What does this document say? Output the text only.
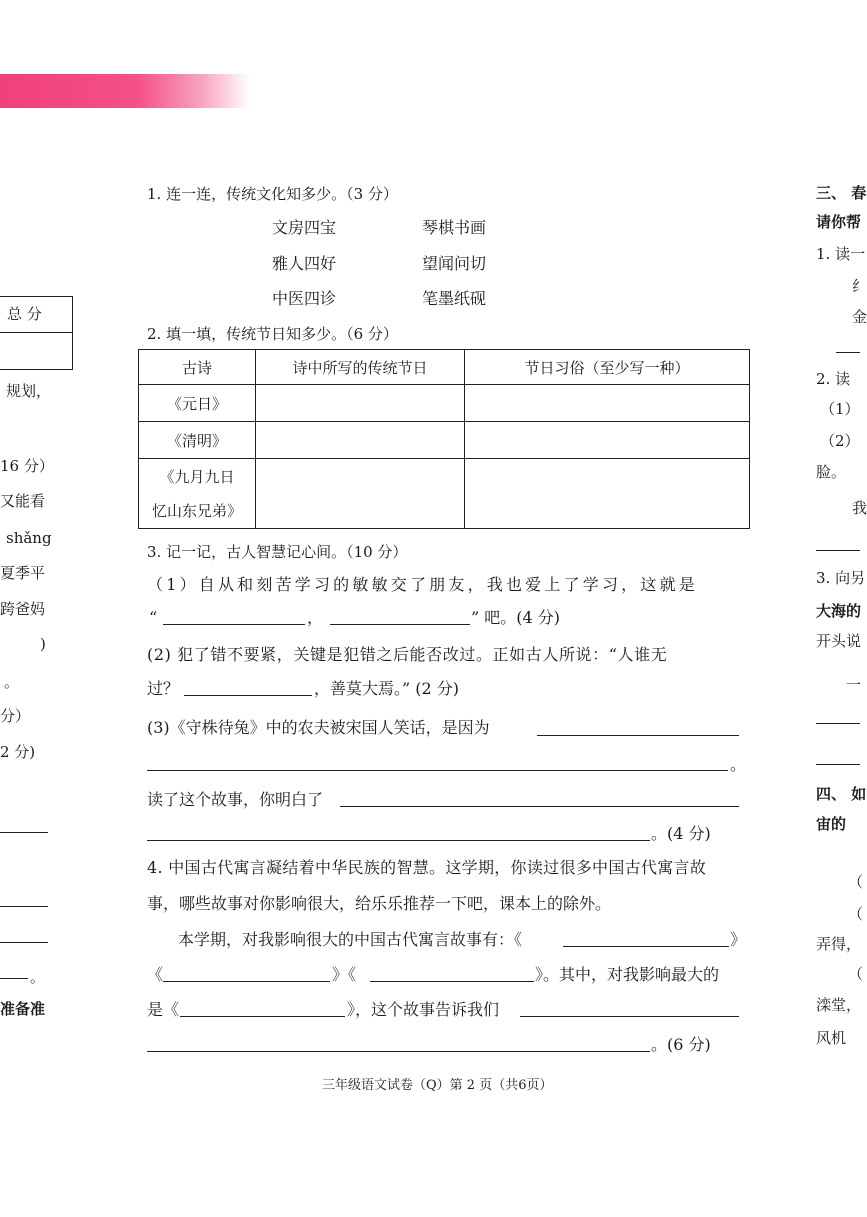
总 分
规划，
16 分）
又能看
shǎng
夏季平
跨爸妈
)
。
分）
2 分)
。
准备准
1. 连一连，传统文化知多少。（3 分）
文房四宝
雅人四好
中医四诊
琴棋书画
望闻问切
笔墨纸砚
2. 填一填，传统节日知多少。（6 分）
古诗	诗中所写的传统节日	节日习俗（至少写一种）
《元日》		
《清明》		

《九月九日
忆山东兄弟》		

3. 记一记，古人智慧记心间。（10 分）
（1）自从和刻苦学习的敏敏交了朋友，我也爱上了学习，这就是
“	，	” 吧。(4 分)
(2) 犯了错不要紧，关键是犯错之后能否改过。正如古人所说：“人谁无
过？	，善莫大焉。” (2 分)
(3)《守株待兔》中的农夫被宋国人笑话，是因为
。
读了这个故事，你明白了
。(4 分)
4. 中国古代寓言凝结着中华民族的智慧。这学期，你读过很多中国古代寓言故
事，哪些故事对你影响很大，给乐乐推荐一下吧，课本上的除外。
本学期，对我影响很大的中国古代寓言故事有：《	》
《	》《	》。其中，对我影响最大的
是《	》，这个故事告诉我们
。(6 分)
三年级语文试卷（Q）第 2 页（共6页）
三、 春
请你帮
1. 读一
纟
金
2. 读
（1）
（2）
脸。
我
3. 向另
大海的
开头说
一
四、 如
宙的
（
（
弄得，
（
滦堂，
风机
